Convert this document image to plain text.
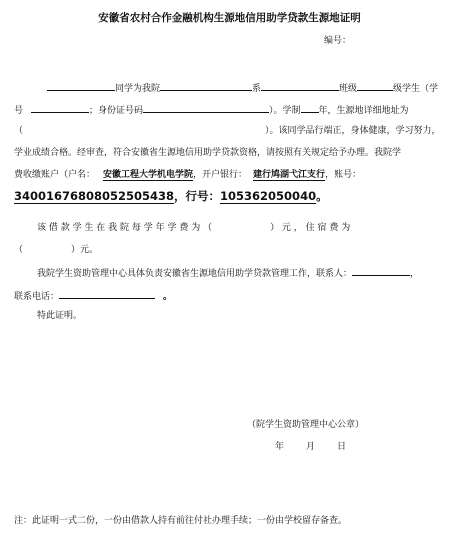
安徽省农村合作金融机构生源地信用助学贷款生源地证明
编号：
同学为我院	系	班级	级学生（学
号	；身份证号码	）。学制 年，生源地详细地址为
（	）。该同学品行端正，身体健康，学习努力，
学业成绩合格。经审查，符合安徽省生源地信用助学贷款资格，请按照有关规定给予办理。我院学
费收缴账户（户名： 安徽工程大学机电学院，开户银行： 建行鸠湖弋江支行，账号：
34001676808052505438，行号：105362050040。
该 借 款 学 生 在 我 院 每 学 年 学 费 为 （	） 元 ， 住 宿 费 为
（	）元。
我院学生资助管理中心具体负责安徽省生源地信用助学贷款管理工作，联系人：	，
联系电话：	。
特此证明。
（院学生资助管理中心公章）
年 月 日
注：此证明一式二份，一份由借款人持有前往付社办理手续；一份由学校留存备查。
